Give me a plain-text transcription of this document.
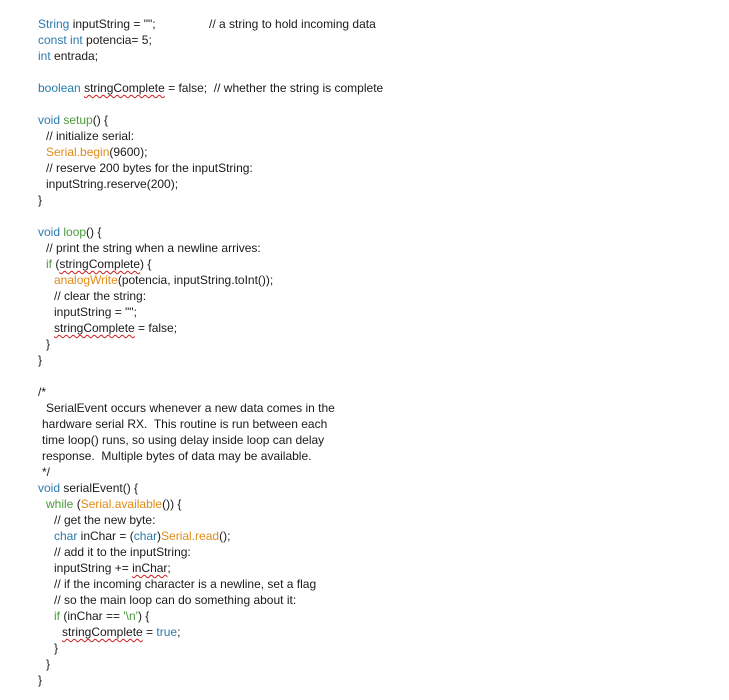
String inputString = "";	// a string to hold incoming data
const int potencia= 5;
int entrada;
boolean stringComplete = false;  // whether the string is complete
void setup() {
// initialize serial:
Serial.begin(9600);
// reserve 200 bytes for the inputString:
inputString.reserve(200);
}
void loop() {
// print the string when a newline arrives:
if (stringComplete) {
analogWrite(potencia, inputString.toInt());
// clear the string:
inputString = "";
stringComplete = false;
}
}
/*
SerialEvent occurs whenever a new data comes in the
hardware serial RX.  This routine is run between each
time loop() runs, so using delay inside loop can delay
response.  Multiple bytes of data may be available.
*/
void serialEvent() {
while (Serial.available()) {
// get the new byte:
char inChar = (char)Serial.read();
// add it to the inputString:
inputString += inChar;
// if the incoming character is a newline, set a flag
// so the main loop can do something about it:
if (inChar == '\n') {
stringComplete = true;
}
}
}
